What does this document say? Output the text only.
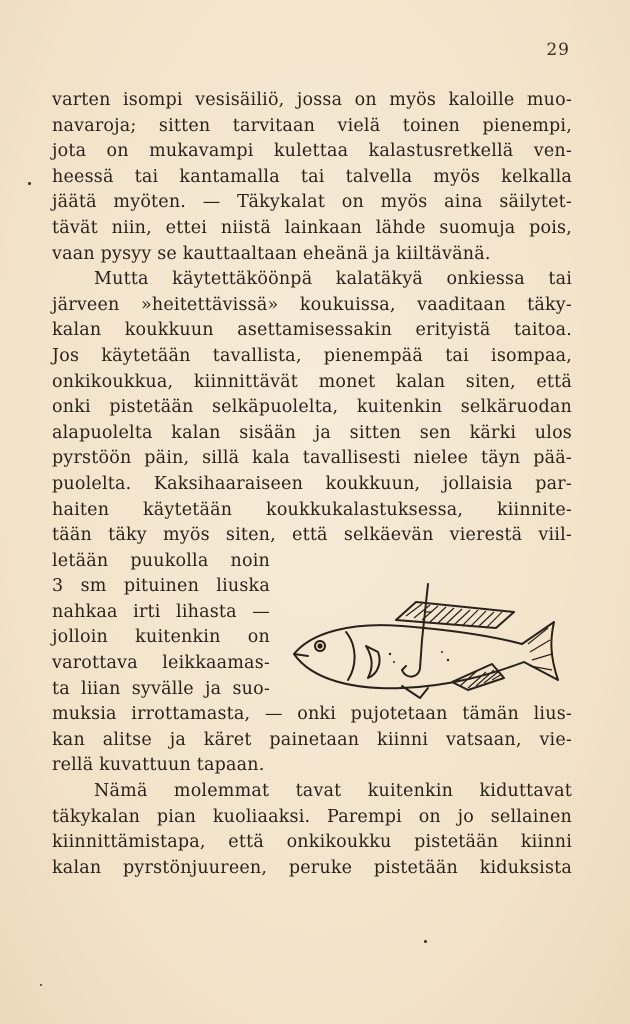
29
varten isompi vesisäiliö, jossa on myös kaloille muo-
navaroja; sitten tarvitaan vielä toinen pienempi,
jota on mukavampi kulettaa kalastusretkellä ven-
heessä tai kantamalla tai talvella myös kelkalla
jäätä myöten. — Täkykalat on myös aina säilytet-
tävät niin, ettei niistä lainkaan lähde suomuja pois,
vaan pysyy se kauttaaltaan eheänä ja kiiltävänä.
Mutta käytettäköönpä kalatäkyä onkiessa tai
järveen »heitettävissä» koukuissa, vaaditaan täky-
kalan koukkuun asettamisessakin erityistä taitoa.
Jos käytetään tavallista, pienempää tai isompaa,
onkikoukkua, kiinnittävät monet kalan siten, että
onki pistetään selkäpuolelta, kuitenkin selkäruodan
alapuolelta kalan sisään ja sitten sen kärki ulos
pyrstöön päin, sillä kala tavallisesti nielee täyn pää-
puolelta. Kaksihaaraiseen koukkuun, jollaisia par-
haiten käytetään koukkukalastuksessa, kiinnite-
tään täky myös siten, että selkäevän vierestä viil-
letään puukolla noin
3 sm pituinen liuska
nahkaa irti lihasta —
jolloin kuitenkin on
varottava leikkaamas-
ta liian syvälle ja suo-
muksia irrottamasta, — onki pujotetaan tämän lius-
kan alitse ja käret painetaan kiinni vatsaan, vie-
rellä kuvattuun tapaan.
Nämä molemmat tavat kuitenkin kiduttavat
täkykalan pian kuoliaaksi. Parempi on jo sellainen
kiinnittämistapa, että onkikoukku pistetään kiinni
kalan pyrstönjuureen, peruke pistetään kiduksista
